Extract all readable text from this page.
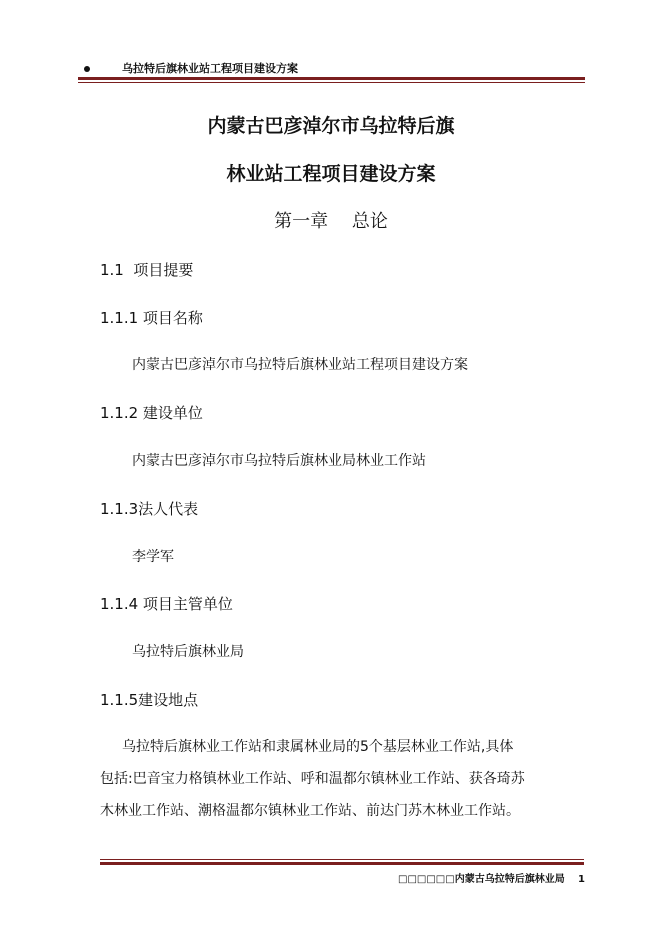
乌拉特后旗林业站工程项目建设方案
内蒙古巴彦淖尔市乌拉特后旗
林业站工程项目建设方案
第一章　 总论
1.1  项目提要
1.1.1 项目名称
内蒙古巴彦淖尔市乌拉特后旗林业站工程项目建设方案
1.1.2 建设单位
内蒙古巴彦淖尔市乌拉特后旗林业局林业工作站
1.1.3法人代表
李学军
1.1.4 项目主管单位
乌拉特后旗林业局
1.1.5建设地点

乌拉特后旗林业工作站和隶属林业局的5个基层林业工作站,具体

包括:巴音宝力格镇林业工作站、呼和温都尔镇林业工作站、获各琦苏

木林业工作站、潮格温都尔镇林业工作站、前达门苏木林业工作站。

□□□□□□内蒙古乌拉特后旗林业局 1
